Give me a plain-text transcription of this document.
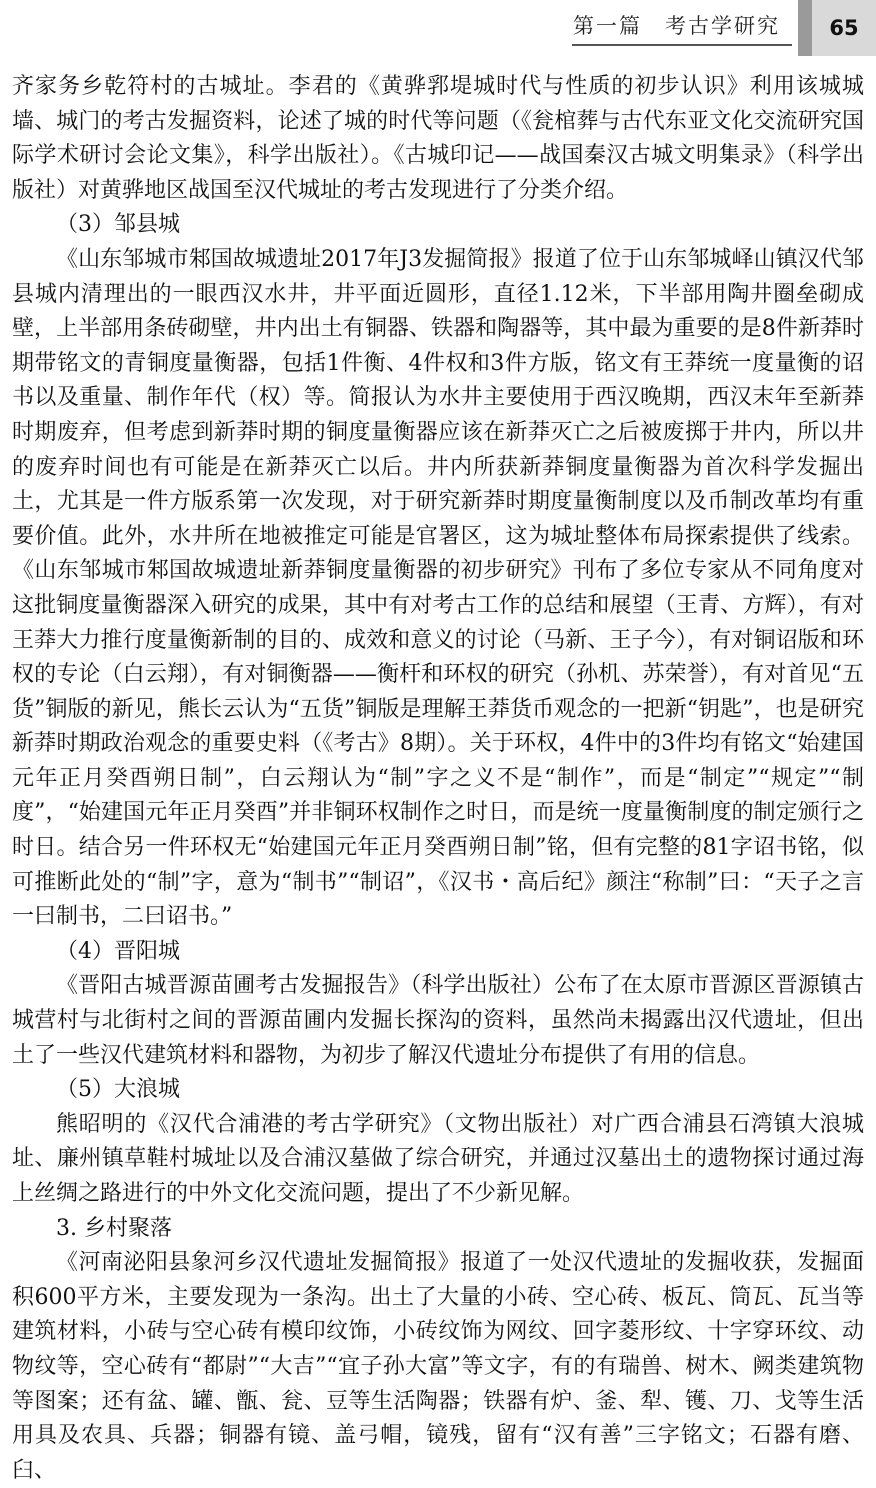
第一篇　考古学研究	65

齐家务乡乾符村的古城址。李君的《黄骅郛堤城时代与性质的初步认识》利用该城城墙、城门的考古发掘资料，论述了城的时代等问题（《瓮棺葬与古代东亚文化交流研究国际学术研讨会论文集》，科学出版社）。《古城印记——战国秦汉古城文明集录》（科学出版社）对黄骅地区战国至汉代城址的考古发现进行了分类介绍。

（3）邹县城

《山东邹城市邾国故城遗址2017年J3发掘简报》报道了位于山东邹城峄山镇汉代邹县城内清理出的一眼西汉水井，井平面近圆形，直径1.12米，下半部用陶井圈垒砌成壁，上半部用条砖砌壁，井内出土有铜器、铁器和陶器等，其中最为重要的是8件新莽时期带铭文的青铜度量衡器，包括1件衡、4件权和3件方版，铭文有王莽统一度量衡的诏书以及重量、制作年代（权）等。简报认为水井主要使用于西汉晚期，西汉末年至新莽时期废弃，但考虑到新莽时期的铜度量衡器应该在新莽灭亡之后被废掷于井内，所以井的废弃时间也有可能是在新莽灭亡以后。井内所获新莽铜度量衡器为首次科学发掘出土，尤其是一件方版系第一次发现，对于研究新莽时期度量衡制度以及币制改革均有重要价值。此外，水井所在地被推定可能是官署区，这为城址整体布局探索提供了线索。《山东邹城市邾国故城遗址新莽铜度量衡器的初步研究》刊布了多位专家从不同角度对这批铜度量衡器深入研究的成果，其中有对考古工作的总结和展望（王青、方辉），有对王莽大力推行度量衡新制的目的、成效和意义的讨论（马新、王子今），有对铜诏版和环权的专论（白云翔），有对铜衡器——衡杆和环权的研究（孙机、苏荣誉），有对首见“五货”铜版的新见，熊长云认为“五货”铜版是理解王莽货币观念的一把新“钥匙”，也是研究新莽时期政治观念的重要史料（《考古》8期）。关于环权，4件中的3件均有铭文“始建国元年正月癸酉朔日制”，白云翔认为“制”字之义不是“制作”，而是“制定”“规定”“制度”，“始建国元年正月癸酉”并非铜环权制作之时日，而是统一度量衡制度的制定颁行之时日。结合另一件环权无“始建国元年正月癸酉朔日制”铭，但有完整的81字诏书铭，似可推断此处的“制”字，意为“制书”“制诏”，《汉书・高后纪》颜注“称制”曰：“天子之言一曰制书，二曰诏书。”

（4）晋阳城

《晋阳古城晋源苗圃考古发掘报告》（科学出版社）公布了在太原市晋源区晋源镇古城营村与北街村之间的晋源苗圃内发掘长探沟的资料，虽然尚未揭露出汉代遗址，但出土了一些汉代建筑材料和器物，为初步了解汉代遗址分布提供了有用的信息。

（5）大浪城

熊昭明的《汉代合浦港的考古学研究》（文物出版社）对广西合浦县石湾镇大浪城址、廉州镇草鞋村城址以及合浦汉墓做了综合研究，并通过汉墓出土的遗物探讨通过海上丝绸之路进行的中外文化交流问题，提出了不少新见解。

3. 乡村聚落

《河南泌阳县象河乡汉代遗址发掘简报》报道了一处汉代遗址的发掘收获，发掘面积600平方米，主要发现为一条沟。出土了大量的小砖、空心砖、板瓦、筒瓦、瓦当等建筑材料，小砖与空心砖有模印纹饰，小砖纹饰为网纹、回字菱形纹、十字穿环纹、动物纹等，空心砖有“都尉”“大吉”“宜子孙大富”等文字，有的有瑞兽、树木、阙类建筑物等图案；还有盆、罐、甑、瓮、豆等生活陶器；铁器有炉、釜、犁、镬、刀、戈等生活用具及农具、兵器；铜器有镜、盖弓帽，镜残，留有“汉有善”三字铭文；石器有磨、臼、
